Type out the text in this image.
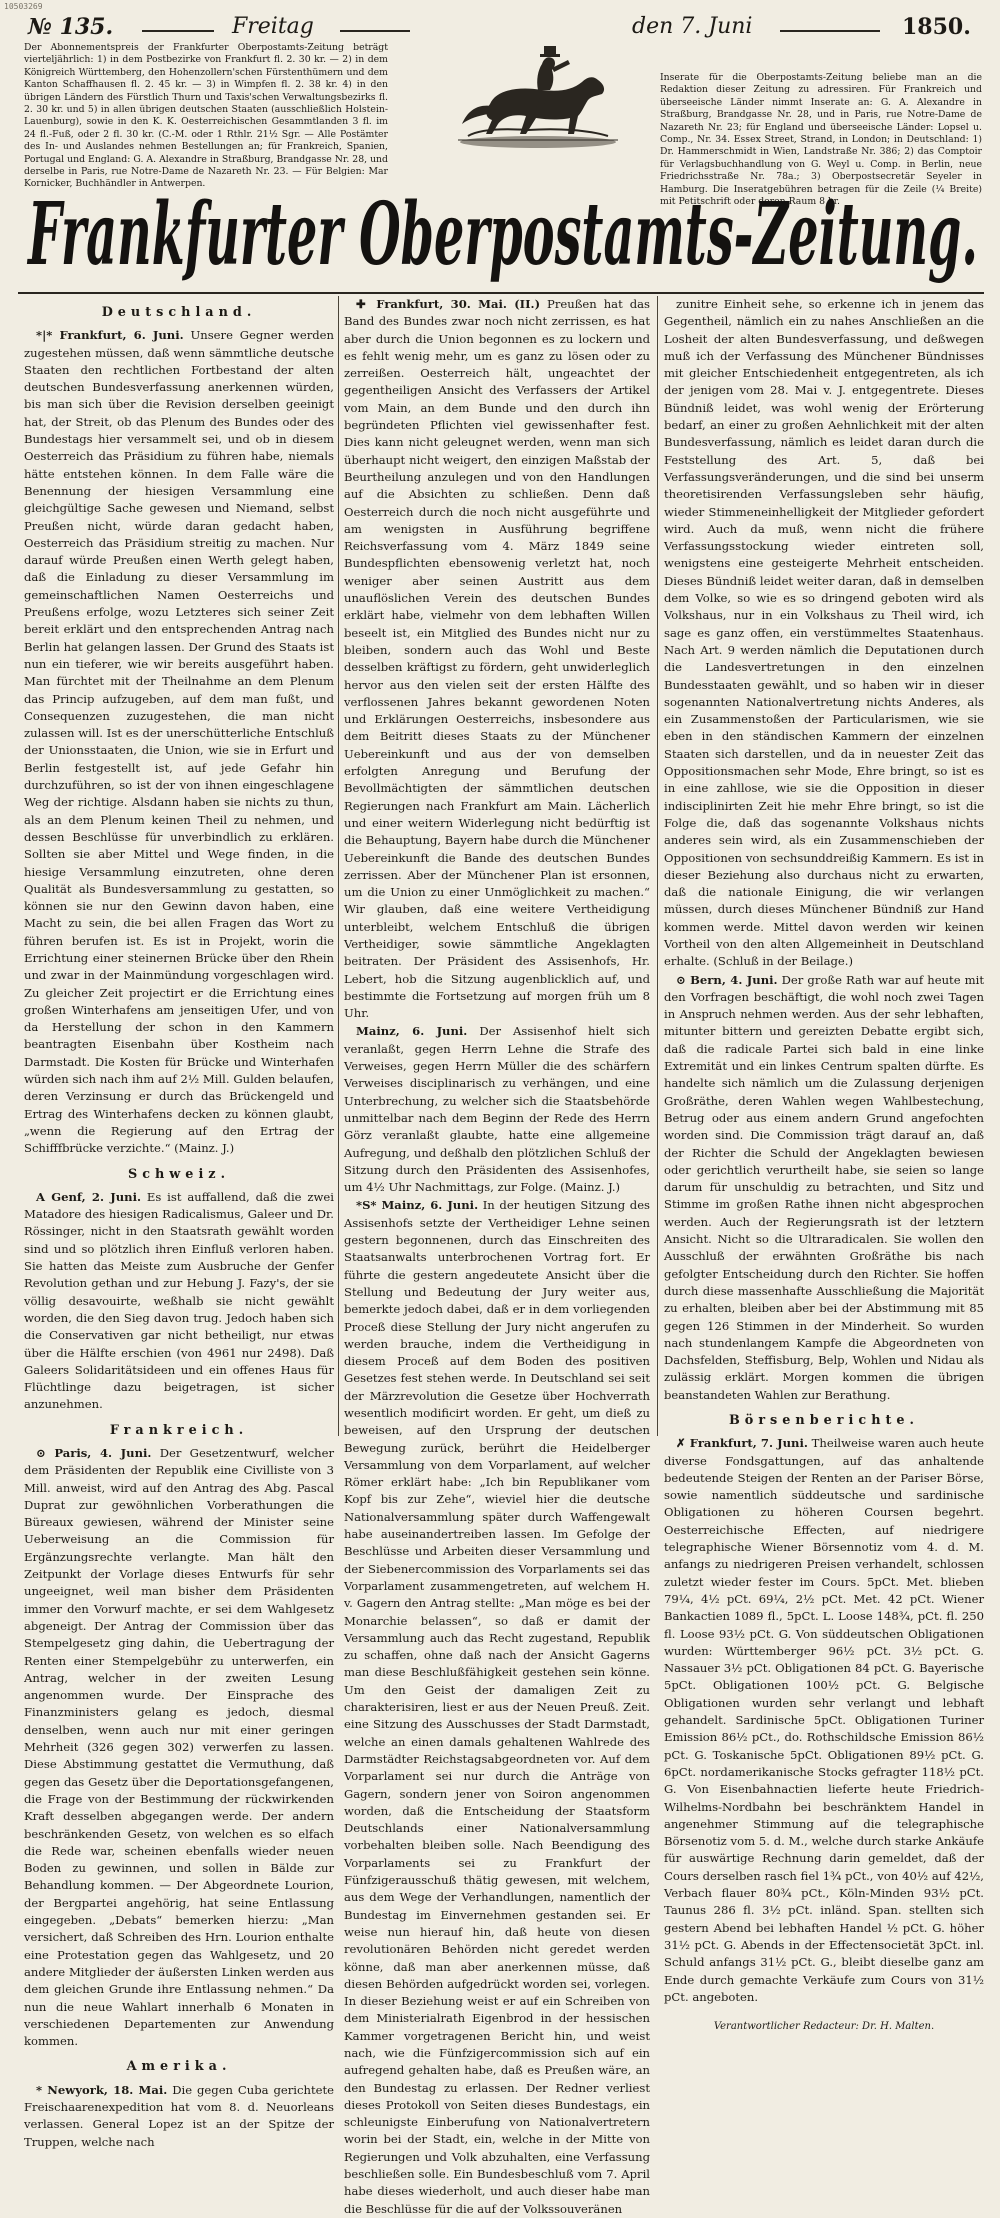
10503269
№ 135.	Freitag	den 7. Juni	1850.
Der Abonnementspreis der Frankfurter Oberpostamts-Zeitung beträgt vierteljährlich: 1) in dem Postbezirke von Frankfurt fl. 2. 30 kr. — 2) in dem Königreich Württemberg, den Hohenzollern'schen Fürstenthümern und dem Kanton Schaffhausen fl. 2. 45 kr. — 3) in Wimpfen fl. 2. 38 kr. 4) in den übrigen Ländern des Fürstlich Thurn und Taxis'schen Verwaltungsbezirks fl. 2. 30 kr. und 5) in allen übrigen deutschen Staaten (ausschließlich Holstein-Lauenburg), sowie in den K. K. Oesterreichischen Gesammtlanden 3 fl. im 24 fl.-Fuß, oder 2 fl. 30 kr. (C.-M. oder 1 Rthlr. 21½ Sgr. — Alle Postämter des In- und Auslandes nehmen Bestellungen an; für Frankreich, Spanien, Portugal und England: G. A. Alexandre in Straßburg, Brandgasse Nr. 28, und derselbe in Paris, rue Notre-Dame de Nazareth Nr. 23. — Für Belgien: Mar Kornicker, Buchhändler in Antwerpen.
Inserate für die Oberpostamts-Zeitung beliebe man an die Redaktion dieser Zeitung zu adressiren. Für Frankreich und überseeische Länder nimmt Inserate an: G. A. Alexandre in Straßburg, Brandgasse Nr. 28, und in Paris, rue Notre-Dame de Nazareth Nr. 23; für England und überseeische Länder: Lopsel u. Comp., Nr. 34. Essex Street, Strand, in London; in Deutschland: 1) Dr. Hammerschmidt in Wien, Landstraße Nr. 386; 2) das Comptoir für Verlagsbuchhandlung von G. Weyl u. Comp. in Berlin, neue Friedrichsstraße Nr. 78a.; 3) Oberpostsecretär Seyeler in Hamburg. Die Inseratgebühren betragen für die Zeile (¼ Breite) mit Petitschrift oder deren Raum 8 kr.
Frankfurter Oberpostamts-Zeitung.
Deutschland.

*|* Frankfurt, 6. Juni. Unsere Gegner werden zugestehen müssen, daß wenn sämmtliche deutsche Staaten den rechtlichen Fortbestand der alten deutschen Bundesverfassung anerkennen würden, bis man sich über die Revision derselben geeinigt hat, der Streit, ob das Plenum des Bundes oder des Bundestags hier versammelt sei, und ob in diesem Oesterreich das Präsidium zu führen habe, niemals hätte entstehen können. In dem Falle wäre die Benennung der hiesigen Versammlung eine gleichgültige Sache gewesen und Niemand, selbst Preußen nicht, würde daran gedacht haben, Oesterreich das Präsidium streitig zu machen. Nur darauf würde Preußen einen Werth gelegt haben, daß die Einladung zu dieser Versammlung im gemeinschaftlichen Namen Oesterreichs und Preußens erfolge, wozu Letzteres sich seiner Zeit bereit erklärt und den entsprechenden Antrag nach Berlin hat gelangen lassen. Der Grund des Staats ist nun ein tieferer, wie wir bereits ausgeführt haben. Man fürchtet mit der Theilnahme an dem Plenum das Princip aufzugeben, auf dem man fußt, und Consequenzen zuzugestehen, die man nicht zulassen will. Ist es der unerschütterliche Entschluß der Unionsstaaten, die Union, wie sie in Erfurt und Berlin festgestellt ist, auf jede Gefahr hin durchzuführen, so ist der von ihnen eingeschlagene Weg der richtige. Alsdann haben sie nichts zu thun, als an dem Plenum keinen Theil zu nehmen, und dessen Beschlüsse für unverbindlich zu erklären. Sollten sie aber Mittel und Wege finden, in die hiesige Versammlung einzutreten, ohne deren Qualität als Bundesversammlung zu gestatten, so können sie nur den Gewinn davon haben, eine Macht zu sein, die bei allen Fragen das Wort zu führen berufen ist. Es ist in Projekt, worin die Errichtung einer steinernen Brücke über den Rhein und zwar in der Mainmündung vorgeschlagen wird. Zu gleicher Zeit projectirt er die Errichtung eines großen Winterhafens am jenseitigen Ufer, und von da Herstellung der schon in den Kammern beantragten Eisenbahn über Kostheim nach Darmstadt. Die Kosten für Brücke und Winterhafen würden sich nach ihm auf 2½ Mill. Gulden belaufen, deren Verzinsung er durch das Brückengeld und Ertrag des Winterhafens decken zu können glaubt, „wenn die Regierung auf den Ertrag der Schifffbrücke verzichte.“ (Mainz. J.)

Schweiz.

A Genf, 2. Juni. Es ist auffallend, daß die zwei Matadore des hiesigen Radicalismus, Galeer und Dr. Rössinger, nicht in den Staatsrath gewählt worden sind und so plötzlich ihren Einfluß verloren haben. Sie hatten das Meiste zum Ausbruche der Genfer Revolution gethan und zur Hebung J. Fazy's, der sie völlig desavouirte, weßhalb sie nicht gewählt worden, die den Sieg davon trug. Jedoch haben sich die Conservativen gar nicht betheiligt, nur etwas über die Hälfte erschien (von 4961 nur 2498). Daß Galeers Solidaritätsideen und ein offenes Haus für Flüchtlinge dazu beigetragen, ist sicher anzunehmen.

Frankreich.

⊙ Paris, 4. Juni. Der Gesetzentwurf, welcher dem Präsidenten der Republik eine Civilliste von 3 Mill. anweist, wird auf den Antrag des Abg. Pascal Duprat zur gewöhnlichen Vorberathungen die Büreaux gewiesen, während der Minister seine Ueberweisung an die Commission für Ergänzungsrechte verlangte. Man hält den Zeitpunkt der Vorlage dieses Entwurfs für sehr ungeeignet, weil man bisher dem Präsidenten immer den Vorwurf machte, er sei dem Wahlgesetz abgeneigt. Der Antrag der Commission über das Stempelgesetz ging dahin, die Uebertragung der Renten einer Stempelgebühr zu unterwerfen, ein Antrag, welcher in der zweiten Lesung angenommen wurde. Der Einsprache des Finanzministers gelang es jedoch, diesmal denselben, wenn auch nur mit einer geringen Mehrheit (326 gegen 302) verwerfen zu lassen. Diese Abstimmung gestattet die Vermuthung, daß gegen das Gesetz über die Deportationsgefangenen, die Frage von der Bestimmung der rückwirkenden Kraft desselben abgegangen werde. Der andern beschränkenden Gesetz, von welchen es so elfach die Rede war, scheinen ebenfalls wieder neuen Boden zu gewinnen, und sollen in Bälde zur Behandlung kommen. — Der Abgeordnete Lourion, der Bergpartei angehörig, hat seine Entlassung eingegeben. „Debats“ bemerken hierzu: „Man versichert, daß Schreiben des Hrn. Lourion enthalte eine Protestation gegen das Wahlgesetz, und 20 andere Mitglieder der äußersten Linken werden aus dem gleichen Grunde ihre Entlassung nehmen.“ Da nun die neue Wahlart innerhalb 6 Monaten in verschiedenen Departementen zur Anwendung kommen.

Amerika.

* Newyork, 18. Mai. Die gegen Cuba gerichtete Freischaarenexpedition hat vom 8. d. Neuorleans verlassen. General Lopez ist an der Spitze der Truppen, welche nach

✚ Frankfurt, 30. Mai. (II.) Preußen hat das Band des Bundes zwar noch nicht zerrissen, es hat aber durch die Union begonnen es zu lockern und es fehlt wenig mehr, um es ganz zu lösen oder zu zerreißen. Oesterreich hält, ungeachtet der gegentheiligen Ansicht des Verfassers der Artikel vom Main, an dem Bunde und den durch ihn begründeten Pflichten viel gewissenhafter fest. Dies kann nicht geleugnet werden, wenn man sich überhaupt nicht weigert, den einzigen Maßstab der Beurtheilung anzulegen und von den Handlungen auf die Absichten zu schließen. Denn daß Oesterreich durch die noch nicht ausgeführte und am wenigsten in Ausführung begriffene Reichsverfassung vom 4. März 1849 seine Bundespflichten ebensowenig verletzt hat, noch weniger aber seinen Austritt aus dem unauflöslichen Verein des deutschen Bundes erklärt habe, vielmehr von dem lebhaften Willen beseelt ist, ein Mitglied des Bundes nicht nur zu bleiben, sondern auch das Wohl und Beste desselben kräftigst zu fördern, geht unwiderleglich hervor aus den vielen seit der ersten Hälfte des verflossenen Jahres bekannt gewordenen Noten und Erklärungen Oesterreichs, insbesondere aus dem Beitritt dieses Staats zu der Münchener Uebereinkunft und aus der von demselben erfolgten Anregung und Berufung der Bevollmächtigten der sämmtlichen deutschen Regierungen nach Frankfurt am Main. Lächerlich und einer weitern Widerlegung nicht bedürftig ist die Behauptung, Bayern habe durch die Münchener Uebereinkunft die Bande des deutschen Bundes zerrissen. Aber der Münchener Plan ist ersonnen, um die Union zu einer Unmöglichkeit zu machen.“ Wir glauben, daß eine weitere Vertheidigung unterbleibt, welchem Entschluß die übrigen Vertheidiger, sowie sämmtliche Angeklagten beitraten. Der Präsident des Assisenhofs, Hr. Lebert, hob die Sitzung augenblicklich auf, und bestimmte die Fortsetzung auf morgen früh um 8 Uhr.

Mainz, 6. Juni. Der Assisenhof hielt sich veranlaßt, gegen Herrn Lehne die Strafe des Verweises, gegen Herrn Müller die des schärfern Verweises disciplinarisch zu verhängen, und eine Unterbrechung, zu welcher sich die Staatsbehörde unmittelbar nach dem Beginn der Rede des Herrn Görz veranlaßt glaubte, hatte eine allgemeine Aufregung, und deßhalb den plötzlichen Schluß der Sitzung durch den Präsidenten des Assisenhofes, um 4½ Uhr Nachmittags, zur Folge. (Mainz. J.)

*S* Mainz, 6. Juni. In der heutigen Sitzung des Assisenhofs setzte der Vertheidiger Lehne seinen gestern begonnenen, durch das Einschreiten des Staatsanwalts unterbrochenen Vortrag fort. Er führte die gestern angedeutete Ansicht über die Stellung und Bedeutung der Jury weiter aus, bemerkte jedoch dabei, daß er in dem vorliegenden Proceß diese Stellung der Jury nicht angerufen zu werden brauche, indem die Vertheidigung in diesem Proceß auf dem Boden des positiven Gesetzes fest stehen werde. In Deutschland sei seit der Märzrevolution die Gesetze über Hochverrath wesentlich modificirt worden. Er geht, um dieß zu beweisen, auf den Ursprung der deutschen Bewegung zurück, berührt die Heidelberger Versammlung von dem Vorparlament, auf welcher Römer erklärt habe: „Ich bin Republikaner vom Kopf bis zur Zehe“, wieviel hier die deutsche Nationalversammlung später durch Waffengewalt habe auseinandertreiben lassen. Im Gefolge der Beschlüsse und Arbeiten dieser Versammlung und der Siebenercommission des Vorparlaments sei das Vorparlament zusammengetreten, auf welchem H. v. Gagern den Antrag stellte: „Man möge es bei der Monarchie belassen“, so daß er damit der Versammlung auch das Recht zugestand, Republik zu schaffen, ohne daß nach der Ansicht Gagerns man diese Beschlußfähigkeit gestehen sein könne. Um den Geist der damaligen Zeit zu charakterisiren, liest er aus der Neuen Preuß. Zeit. eine Sitzung des Ausschusses der Stadt Darmstadt, welche an einen damals gehaltenen Wahlrede des Darmstädter Reichstagsabgeordneten vor. Auf dem Vorparlament sei nur durch die Anträge von Gagern, sondern jener von Soiron angenommen worden, daß die Entscheidung der Staatsform Deutschlands einer Nationalversammlung vorbehalten bleiben solle. Nach Beendigung des Vorparlaments sei zu Frankfurt der Fünfzigerausschuß thätig gewesen, mit welchem, aus dem Wege der Verhandlungen, namentlich der Bundestag im Einvernehmen gestanden sei. Er weise nun hierauf hin, daß heute von diesen revolutionären Behörden nicht geredet werden könne, daß man aber anerkennen müsse, daß diesen Behörden aufgedrückt worden sei, vorlegen. In dieser Beziehung weist er auf ein Schreiben von dem Ministerialrath Eigenbrod in der hessischen Kammer vorgetragenen Bericht hin, und weist nach, wie die Fünfzigercommission sich auf ein aufregend gehalten habe, daß es Preußen wäre, an den Bundestag zu erlassen. Der Redner verliest dieses Protokoll von Seiten dieses Bundestags, ein schleunigste Einberufung von Nationalvertretern worin bei der Stadt, ein, welche in der Mitte von Regierungen und Volk abzuhalten, eine Verfassung beschließen solle. Ein Bundesbeschluß vom 7. April habe dieses wiederholt, und auch dieser habe man die Beschlüsse für die auf der Volkssouveränen

zunitre Einheit sehe, so erkenne ich in jenem das Gegentheil, nämlich ein zu nahes Anschließen an die Losheit der alten Bundesverfassung, und deßwegen muß ich der Verfassung des Münchener Bündnisses mit gleicher Entschiedenheit entgegentreten, als ich der jenigen vom 28. Mai v. J. entgegentrete. Dieses Bündniß leidet, was wohl wenig der Erörterung bedarf, an einer zu großen Aehnlichkeit mit der alten Bundesverfassung, nämlich es leidet daran durch die Feststellung des Art. 5, daß bei Verfassungsveränderungen, und die sind bei unserm theoretisirenden Verfassungsleben sehr häufig, wieder Stimmeneinhelligkeit der Mitglieder gefordert wird. Auch da muß, wenn nicht die frühere Verfassungsstockung wieder eintreten soll, wenigstens eine gesteigerte Mehrheit entscheiden. Dieses Bündniß leidet weiter daran, daß in demselben dem Volke, so wie es so dringend geboten wird als Volkshaus, nur in ein Volkshaus zu Theil wird, ich sage es ganz offen, ein verstümmeltes Staatenhaus. Nach Art. 9 werden nämlich die Deputationen durch die Landesvertretungen in den einzelnen Bundesstaaten gewählt, und so haben wir in dieser sogenannten Nationalvertretung nichts Anderes, als ein Zusammenstoßen der Particularismen, wie sie eben in den ständischen Kammern der einzelnen Staaten sich darstellen, und da in neuester Zeit das Oppositionsmachen sehr Mode, Ehre bringt, so ist es in eine zahllose, wie sie die Opposition in dieser indisciplinirten Zeit hie mehr Ehre bringt, so ist die Folge die, daß das sogenannte Volkshaus nichts anderes sein wird, als ein Zusammenschieben der Oppositionen von sechsunddreißig Kammern. Es ist in dieser Beziehung also durchaus nicht zu erwarten, daß die nationale Einigung, die wir verlangen müssen, durch dieses Münchener Bündniß zur Hand kommen werde. Mittel davon werden wir keinen Vortheil von den alten Allgemeinheit in Deutschland erhalte. (Schluß in der Beilage.)

⊙ Bern, 4. Juni. Der große Rath war auf heute mit den Vorfragen beschäftigt, die wohl noch zwei Tagen in Anspruch nehmen werden. Aus der sehr lebhaften, mitunter bittern und gereizten Debatte ergibt sich, daß die radicale Partei sich bald in eine linke Extremität und ein linkes Centrum spalten dürfte. Es handelte sich nämlich um die Zulassung derjenigen Großräthe, deren Wahlen wegen Wahlbestechung, Betrug oder aus einem andern Grund angefochten worden sind. Die Commission trägt darauf an, daß der Richter die Schuld der Angeklagten bewiesen oder gerichtlich verurtheilt habe, sie seien so lange darum für unschuldig zu betrachten, und Sitz und Stimme im großen Rathe ihnen nicht abgesprochen werden. Auch der Regierungsrath ist der letztern Ansicht. Nicht so die Ultraradicalen. Sie wollen den Ausschluß der erwähnten Großräthe bis nach gefolgter Entscheidung durch den Richter. Sie hoffen durch diese massenhafte Ausschließung die Majorität zu erhalten, bleiben aber bei der Abstimmung mit 85 gegen 126 Stimmen in der Minderheit. So wurden nach stundenlangem Kampfe die Abgeordneten von Dachsfelden, Steffisburg, Belp, Wohlen und Nidau als zulässig erklärt. Morgen kommen die übrigen beanstandeten Wahlen zur Berathung.

Börsenberichte.

✗ Frankfurt, 7. Juni. Theilweise waren auch heute diverse Fondsgattungen, auf das anhaltende bedeutende Steigen der Renten an der Pariser Börse, sowie namentlich süddeutsche und sardinische Obligationen zu höheren Coursen begehrt. Oesterreichische Effecten, auf niedrigere telegraphische Wiener Börsennotiz vom 4. d. M. anfangs zu niedrigeren Preisen verhandelt, schlossen zuletzt wieder fester im Cours. 5pCt. Met. blieben 79¼, 4½ pCt. 69¼, 2½ pCt. Met. 42 pCt. Wiener Bankactien 1089 fl., 5pCt. L. Loose 148¾, pCt. fl. 250 fl. Loose 93½ pCt. G. Von süddeutschen Obligationen wurden: Württemberger 96½ pCt. 3½ pCt. G. Nassauer 3½ pCt. Obligationen 84 pCt. G. Bayerische 5pCt. Obligationen 100½ pCt. G. Belgische Obligationen wurden sehr verlangt und lebhaft gehandelt. Sardinische 5pCt. Obligationen Turiner Emission 86½ pCt., do. Rothschildsche Emission 86½ pCt. G. Toskanische 5pCt. Obligationen 89½ pCt. G. 6pCt. nordamerikanische Stocks gefragter 118½ pCt. G. Von Eisenbahnactien lieferte heute Friedrich-Wilhelms-Nordbahn bei beschränktem Handel in angenehmer Stimmung auf die telegraphische Börsenotiz vom 5. d. M., welche durch starke Ankäufe für auswärtige Rechnung darin gemeldet, daß der Cours derselben rasch fiel 1¾ pCt., von 40½ auf 42½, Verbach flauer 80¾ pCt., Köln-Minden 93½ pCt. Taunus 286 fl. 3½ pCt. inländ. Span. stellten sich gestern Abend bei lebhaften Handel ½ pCt. G. höher 31½ pCt. G. Abends in der Effectensocietät 3pCt. inl. Schuld anfangs 31½ pCt. G., bleibt dieselbe ganz am Ende durch gemachte Verkäufe zum Cours von 31½ pCt. angeboten.

Verantwortlicher Redacteur: Dr. H. Malten.
